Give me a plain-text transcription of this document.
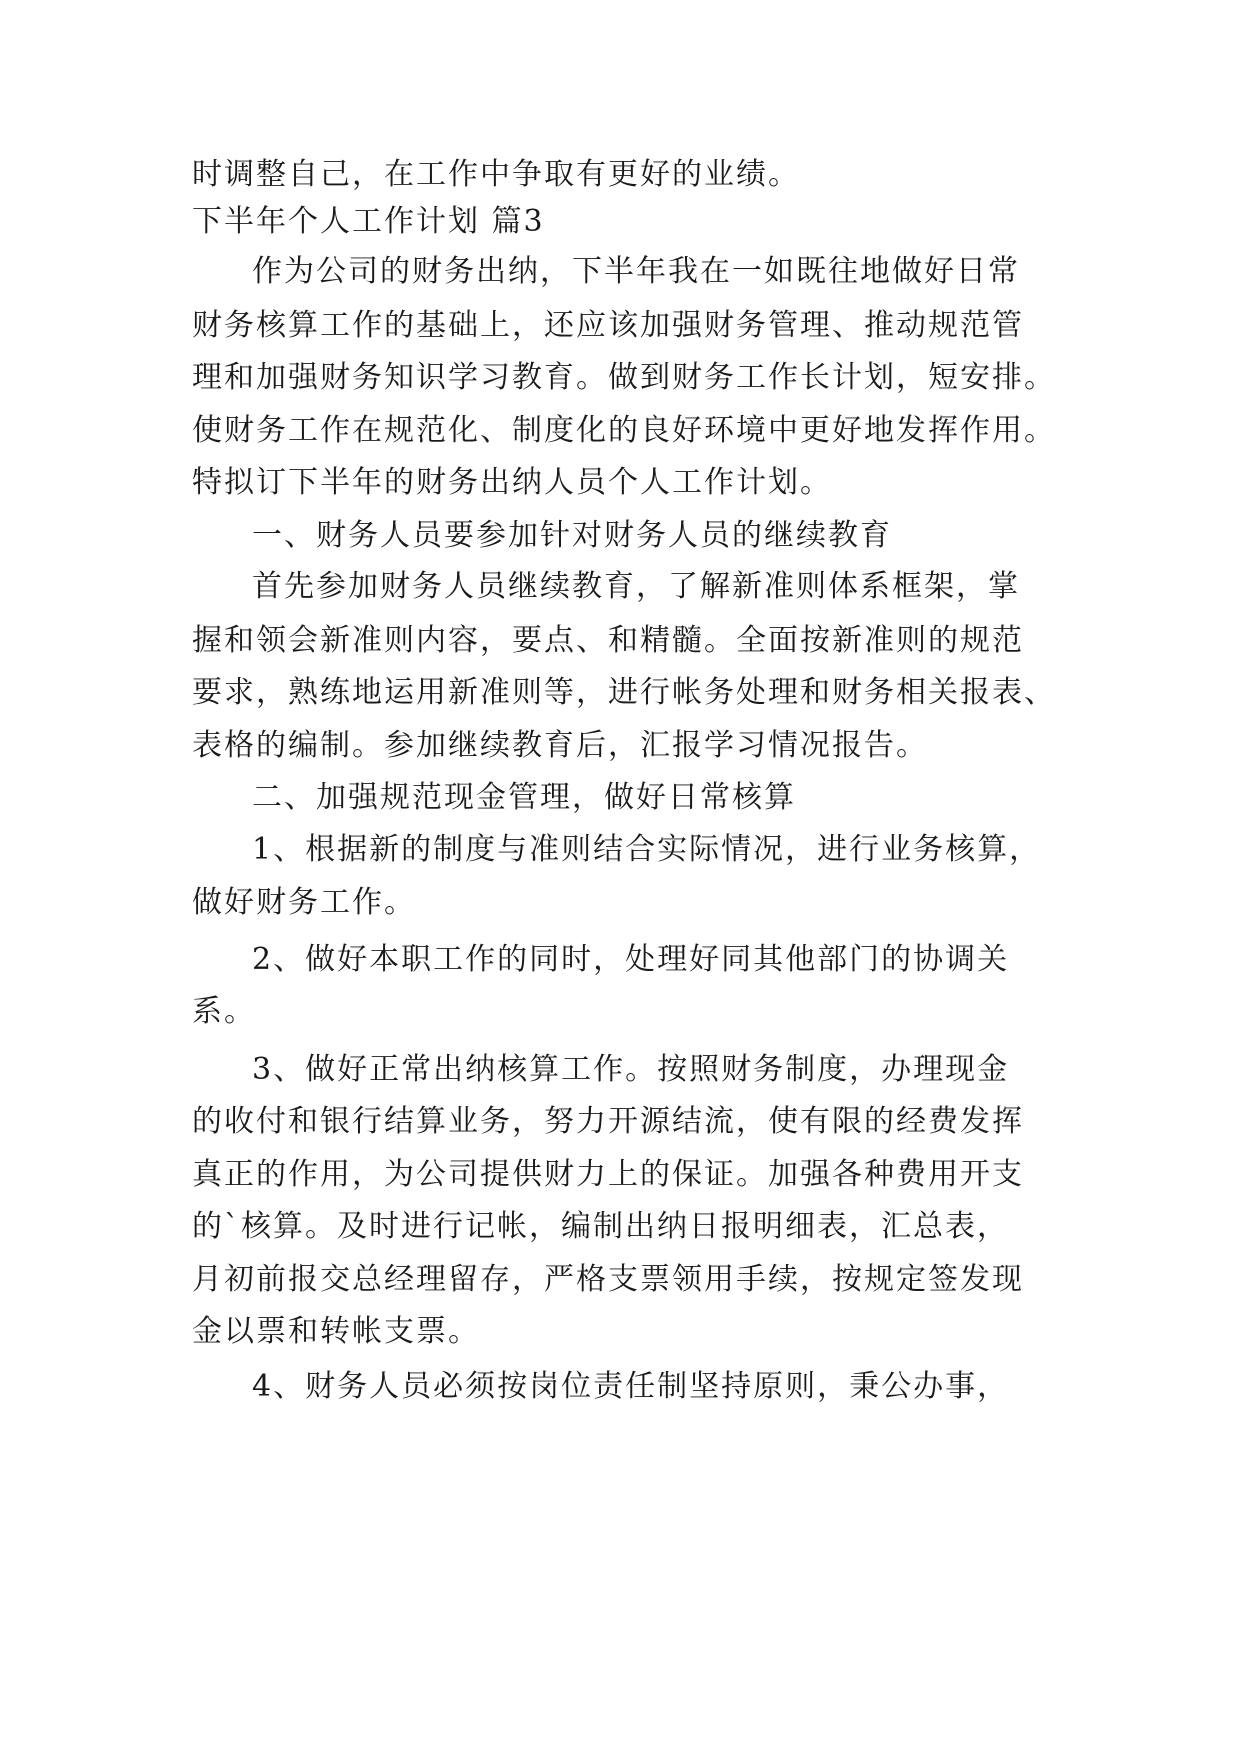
时调整自己，在工作中争取有更好的业绩。
下半年个人工作计划 篇3
作为公司的财务出纳，下半年我在一如既往地做好日常
财务核算工作的基础上，还应该加强财务管理、推动规范管
理和加强财务知识学习教育。做到财务工作长计划，短安排。
使财务工作在规范化、制度化的良好环境中更好地发挥作用。
特拟订下半年的财务出纳人员个人工作计划。
一、财务人员要参加针对财务人员的继续教育
首先参加财务人员继续教育，了解新准则体系框架，掌
握和领会新准则内容，要点、和精髓。全面按新准则的规范
要求，熟练地运用新准则等，进行帐务处理和财务相关报表、
表格的编制。参加继续教育后，汇报学习情况报告。
二、加强规范现金管理，做好日常核算
1、根据新的制度与准则结合实际情况，进行业务核算，
做好财务工作。
2、做好本职工作的同时，处理好同其他部门的协调关
系。
3、做好正常出纳核算工作。按照财务制度，办理现金
的收付和银行结算业务，努力开源结流，使有限的经费发挥
真正的作用，为公司提供财力上的保证。加强各种费用开支
的`核算。及时进行记帐，编制出纳日报明细表，汇总表，
月初前报交总经理留存，严格支票领用手续，按规定签发现
金以票和转帐支票。
4、财务人员必须按岗位责任制坚持原则，秉公办事，
